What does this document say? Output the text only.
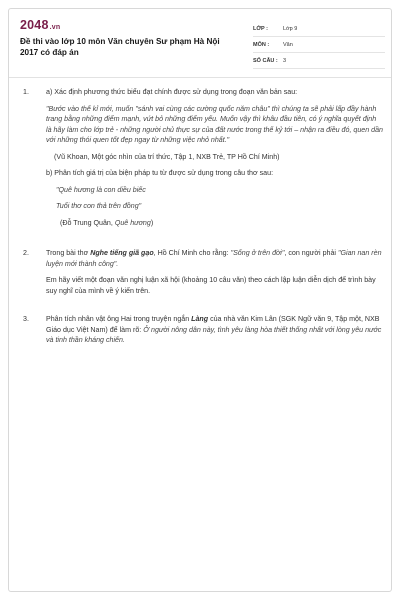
2048.vn
Đề thi vào lớp 10 môn Văn chuyên Sư phạm Hà Nội 2017 có đáp án
LỚP :	Lớp 9
MÔN :	Văn
SỐ CÂU : 3
1. a) Xác định phương thức biểu đạt chính được sử dụng trong đoạn văn bản sau:
"Bước vào thế kỉ mới, muốn "sánh vai cùng các cường quốc năm châu" thì chúng ta sẽ phải lấp đầy hành trang bằng những điểm mạnh, vứt bỏ những điểm yếu. Muốn vậy thì khâu đầu tiên, có ý nghĩa quyết định là hãy làm cho lớp trẻ - những người chủ thực sự của đất nước trong thế kỷ tới – nhận ra điều đó, quen dần với những thói quen tốt đẹp ngay từ những việc nhỏ nhất."
(Vũ Khoan, Một góc nhìn của trí thức, Tập 1, NXB Trẻ, TP Hồ Chí Minh)
b) Phân tích giá trị của biện pháp tu từ được sử dụng trong câu thơ sau:
"Quê hương là con diều biếc
Tuổi thơ con thả trên đồng"
(Đỗ Trung Quân, Quê hương)
2. Trong bài thơ Nghe tiếng giã gạo, Hồ Chí Minh cho rằng: "Sống ở trên đời", con người phải "Gian nan rèn luyện mới thành công".
Em hãy viết một đoạn văn nghị luận xã hội (khoảng 10 câu văn) theo cách lập luận diễn dịch để trình bày suy nghĩ của mình về ý kiến trên.
3. Phân tích nhân vật ông Hai trong truyện ngắn Làng của nhà văn Kim Lân (SGK Ngữ văn 9, Tập một, NXB Giáo dục Việt Nam) để làm rõ: Ở người nông dân này, tình yêu làng hòa thiết thống nhất với lòng yêu nước và tinh thần kháng chiến.
